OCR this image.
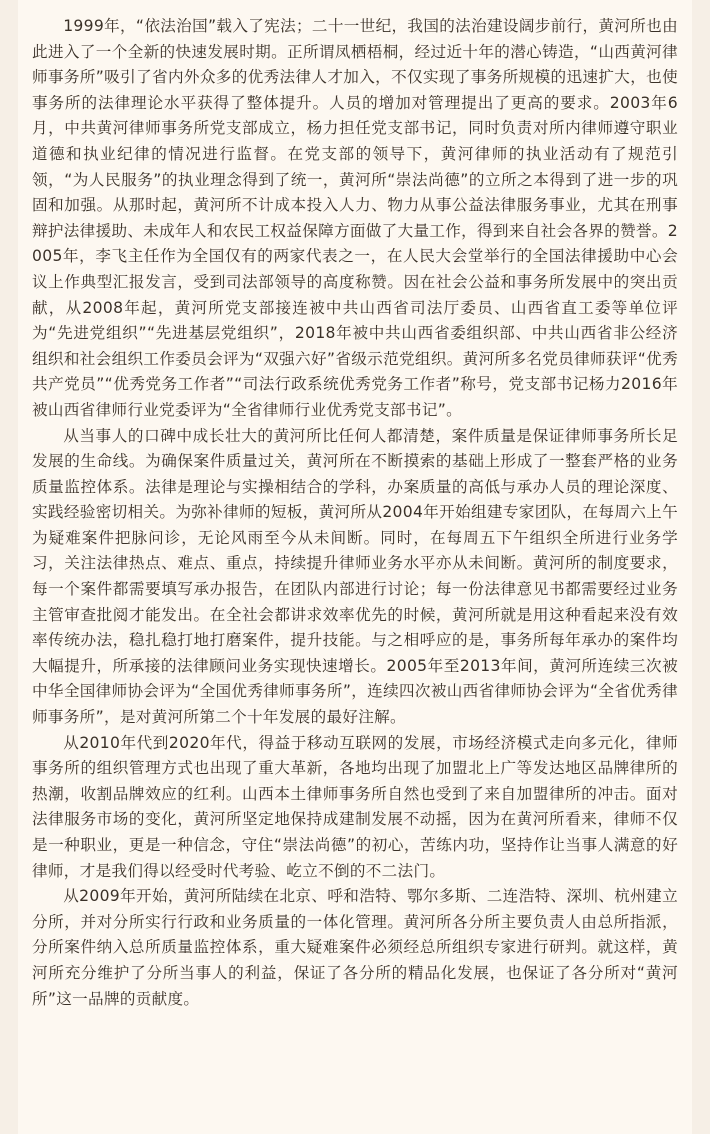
1999年，“依法治国”载入了宪法；二十一世纪，我国的法治建设阔步前行，黄河所也由此进入了一个全新的快速发展时期。正所谓凤栖梧桐，经过近十年的潜心铸造，“山西黄河律师事务所”吸引了省内外众多的优秀法律人才加入，不仅实现了事务所规模的迅速扩大，也使事务所的法律理论水平获得了整体提升。人员的增加对管理提出了更高的要求。2003年6月，中共黄河律师事务所党支部成立，杨力担任党支部书记，同时负责对所内律师遵守职业道德和执业纪律的情况进行监督。在党支部的领导下，黄河律师的执业活动有了规范引领，“为人民服务”的执业理念得到了统一，黄河所“崇法尚德”的立所之本得到了进一步的巩固和加强。从那时起，黄河所不计成本投入人力、物力从事公益法律服务事业，尤其在刑事辩护法律援助、未成年人和农民工权益保障方面做了大量工作，得到来自社会各界的赞誉。2005年，李飞主任作为全国仅有的两家代表之一，在人民大会堂举行的全国法律援助中心会议上作典型汇报发言，受到司法部领导的高度称赞。因在社会公益和事务所发展中的突出贡献，从2008年起，黄河所党支部接连被中共山西省司法厅委员、山西省直工委等单位评为“先进党组织”“先进基层党组织”，2018年被中共山西省委组织部、中共山西省非公经济组织和社会组织工作委员会评为“双强六好”省级示范党组织。黄河所多名党员律师获评“优秀共产党员”“优秀党务工作者”“司法行政系统优秀党务工作者”称号，党支部书记杨力2016年被山西省律师行业党委评为“全省律师行业优秀党支部书记”。

从当事人的口碑中成长壮大的黄河所比任何人都清楚，案件质量是保证律师事务所长足发展的生命线。为确保案件质量过关，黄河所在不断摸索的基础上形成了一整套严格的业务质量监控体系。法律是理论与实操相结合的学科，办案质量的高低与承办人员的理论深度、实践经验密切相关。为弥补律师的短板，黄河所从2004年开始组建专家团队，在每周六上午为疑难案件把脉问诊，无论风雨至今从未间断。同时，在每周五下午组织全所进行业务学习，关注法律热点、难点、重点，持续提升律师业务水平亦从未间断。黄河所的制度要求，每一个案件都需要填写承办报告，在团队内部进行讨论；每一份法律意见书都需要经过业务主管审查批阅才能发出。在全社会都讲求效率优先的时候，黄河所就是用这种看起来没有效率传统办法，稳扎稳打地打磨案件，提升技能。与之相呼应的是，事务所每年承办的案件均大幅提升，所承接的法律顾问业务实现快速增长。2005年至2013年间，黄河所连续三次被中华全国律师协会评为“全国优秀律师事务所”，连续四次被山西省律师协会评为“全省优秀律师事务所”，是对黄河所第二个十年发展的最好注解。

从2010年代到2020年代，得益于移动互联网的发展，市场经济模式走向多元化，律师事务所的组织管理方式也出现了重大革新，各地均出现了加盟北上广等发达地区品牌律所的热潮，收割品牌效应的红利。山西本土律师事务所自然也受到了来自加盟律所的冲击。面对法律服务市场的变化，黄河所坚定地保持成建制发展不动摇，因为在黄河所看来，律师不仅是一种职业，更是一种信念，守住“崇法尚德”的初心，苦练内功，坚持作让当事人满意的好律师，才是我们得以经受时代考验、屹立不倒的不二法门。

从2009年开始，黄河所陆续在北京、呼和浩特、鄂尔多斯、二连浩特、深圳、杭州建立分所，并对分所实行行政和业务质量的一体化管理。黄河所各分所主要负责人由总所指派，分所案件纳入总所质量监控体系，重大疑难案件必须经总所组织专家进行研判。就这样，黄河所充分维护了分所当事人的利益，保证了各分所的精品化发展，也保证了各分所对“黄河所”这一品牌的贡献度。
